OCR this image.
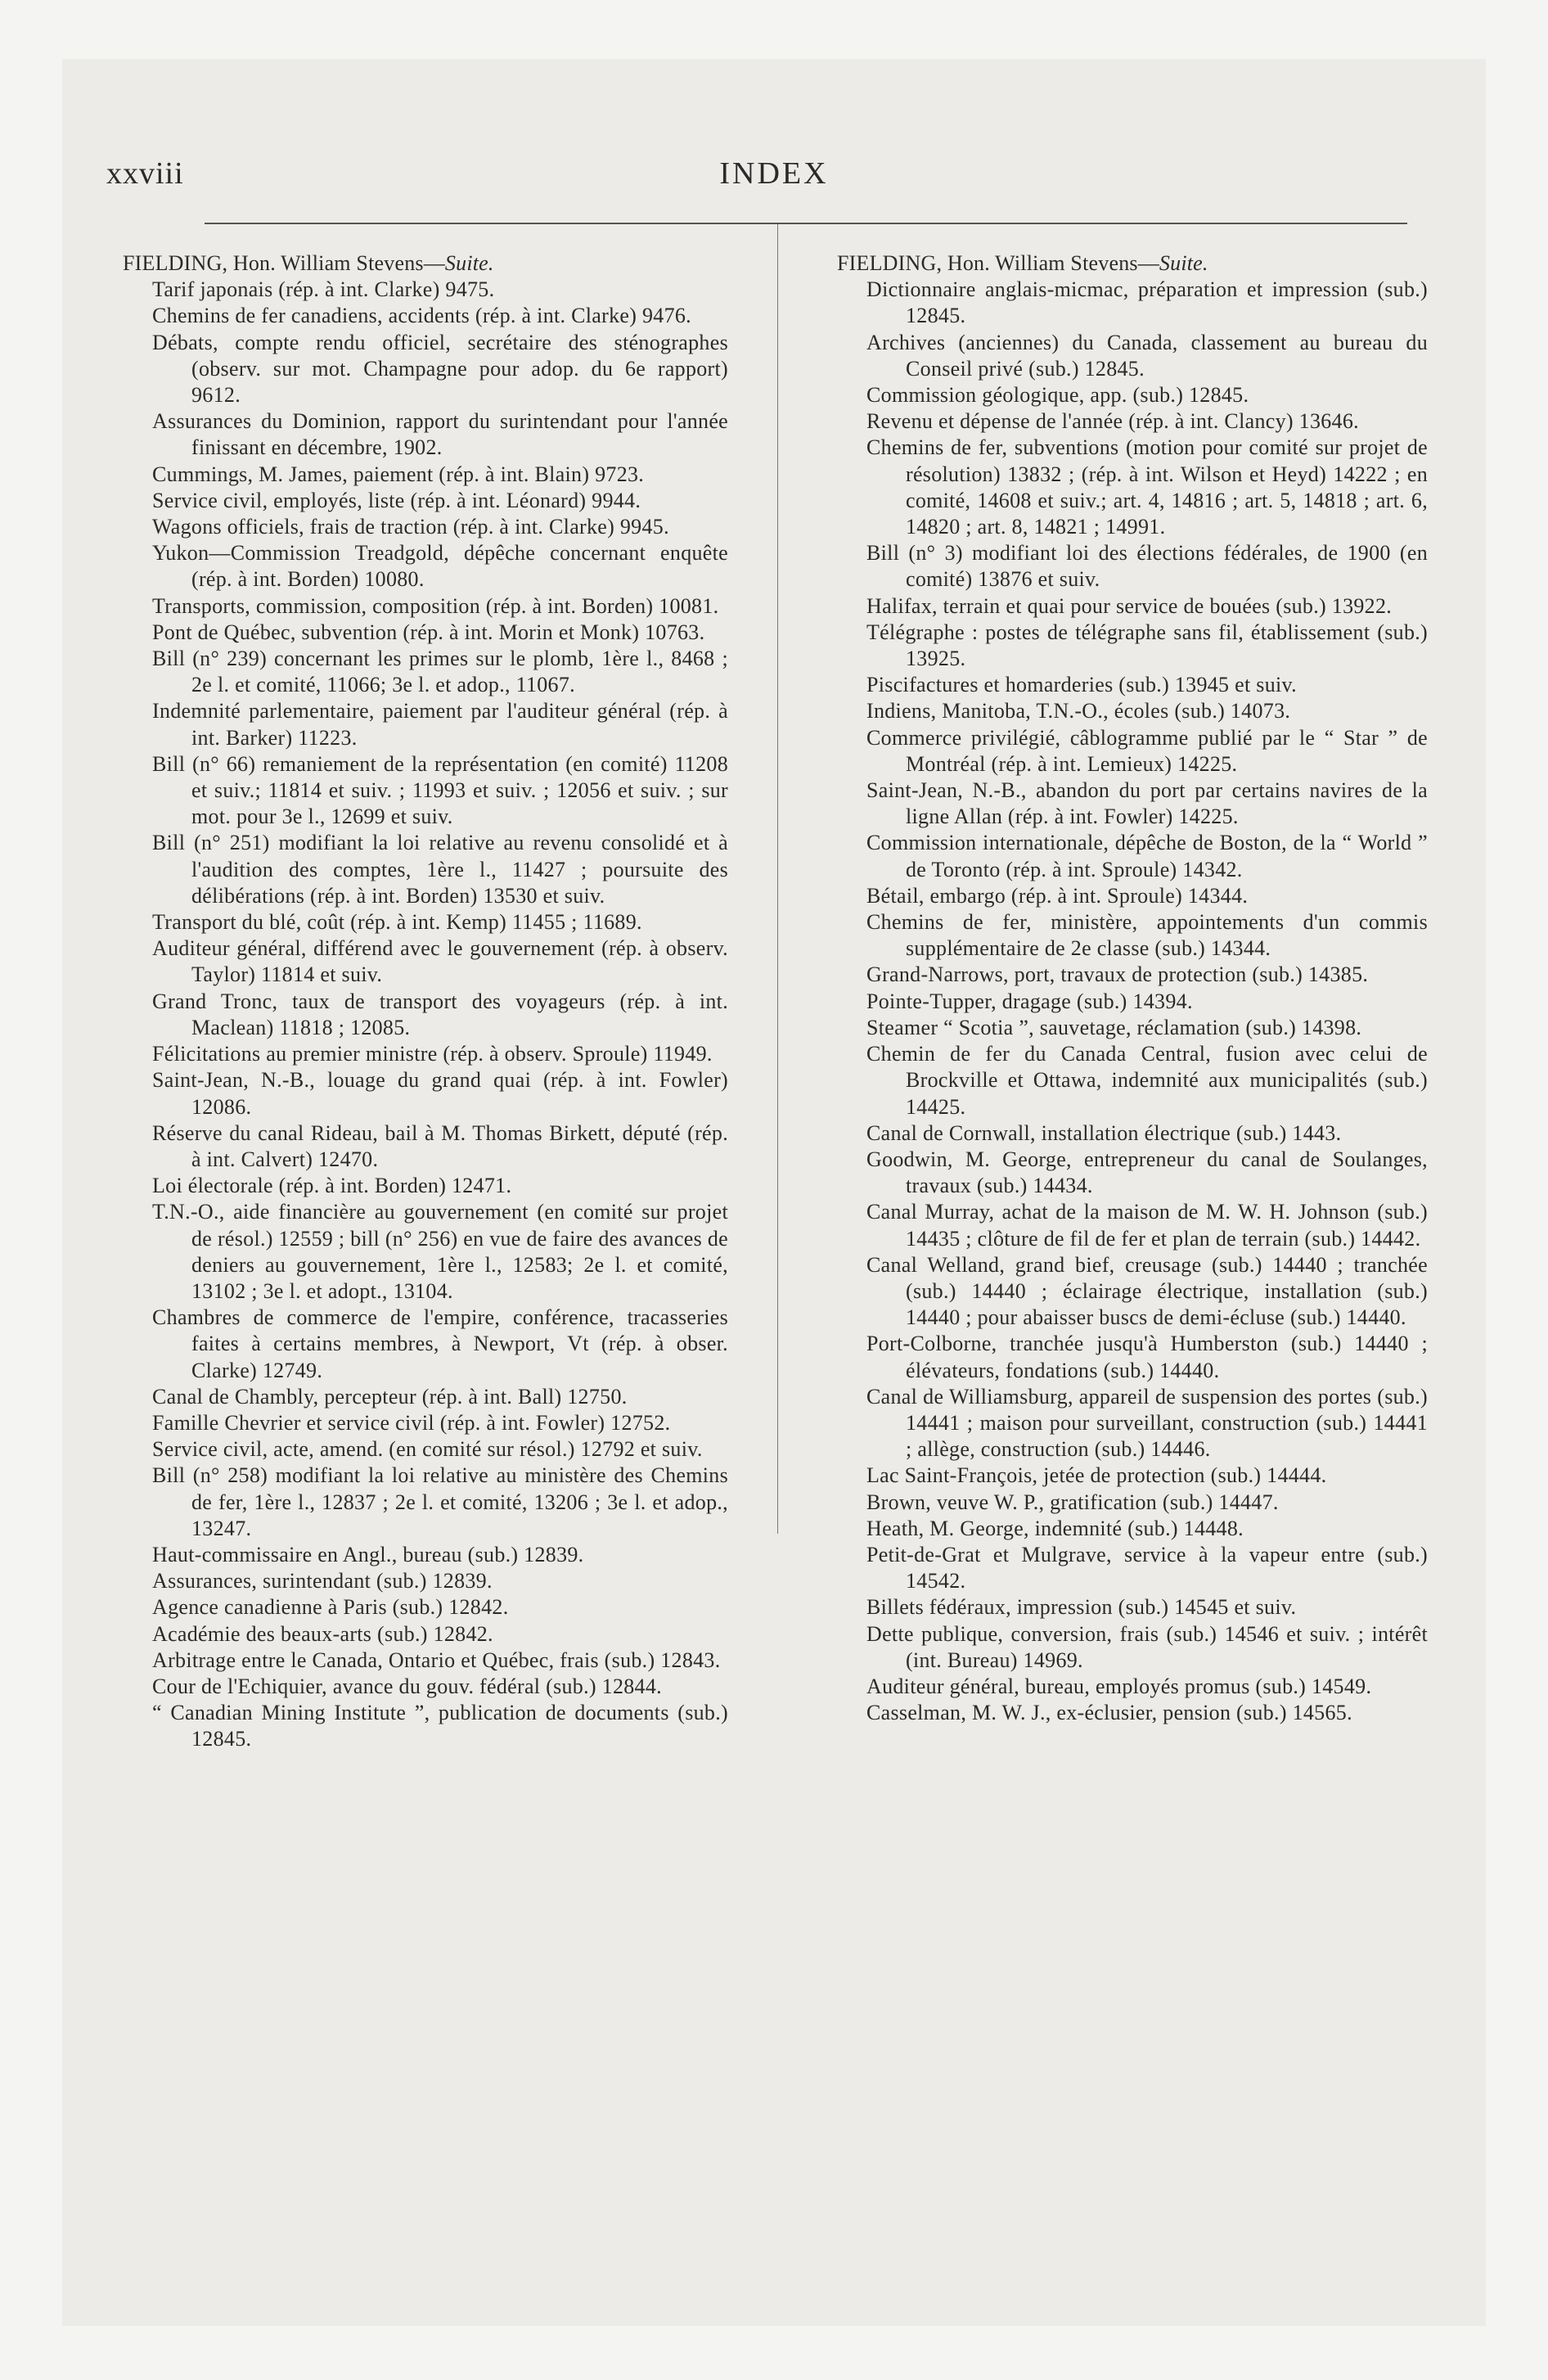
xxviii	INDEX

FIELDING, Hon. William Stevens—Suite.

Tarif japonais (rép. à int. Clarke) 9475.

Chemins de fer canadiens, accidents (rép. à int. Clarke) 9476.

Débats, compte rendu officiel, secrétaire des sténographes (observ. sur mot. Champagne pour adop. du 6e rapport) 9612.

Assurances du Dominion, rapport du surintendant pour l'année finissant en décembre, 1902.

Cummings, M. James, paiement (rép. à int. Blain) 9723.

Service civil, employés, liste (rép. à int. Léonard) 9944.

Wagons officiels, frais de traction (rép. à int. Clarke) 9945.

Yukon—Commission Treadgold, dépêche concernant enquête (rép. à int. Borden) 10080.

Transports, commission, composition (rép. à int. Borden) 10081.

Pont de Québec, subvention (rép. à int. Morin et Monk) 10763.

Bill (n° 239) concernant les primes sur le plomb, 1ère l., 8468 ; 2e l. et comité, 11066; 3e l. et adop., 11067.

Indemnité parlementaire, paiement par l'auditeur général (rép. à int. Barker) 11223.

Bill (n° 66) remaniement de la représentation (en comité) 11208 et suiv.; 11814 et suiv. ; 11993 et suiv. ; 12056 et suiv. ; sur mot. pour 3e l., 12699 et suiv.

Bill (n° 251) modifiant la loi relative au revenu consolidé et à l'audition des comptes, 1ère l., 11427 ; poursuite des délibérations (rép. à int. Borden) 13530 et suiv.

Transport du blé, coût (rép. à int. Kemp) 11455 ; 11689.

Auditeur général, différend avec le gouvernement (rép. à observ. Taylor) 11814 et suiv.

Grand Tronc, taux de transport des voyageurs (rép. à int. Maclean) 11818 ; 12085.

Félicitations au premier ministre (rép. à observ. Sproule) 11949.

Saint-Jean, N.-B., louage du grand quai (rép. à int. Fowler) 12086.

Réserve du canal Rideau, bail à M. Thomas Birkett, député (rép. à int. Calvert) 12470.

Loi électorale (rép. à int. Borden) 12471.

T.N.-O., aide financière au gouvernement (en comité sur projet de résol.) 12559 ; bill (n° 256) en vue de faire des avances de deniers au gouvernement, 1ère l., 12583; 2e l. et comité, 13102 ; 3e l. et adopt., 13104.

Chambres de commerce de l'empire, conférence, tracasseries faites à certains membres, à Newport, Vt (rép. à obser. Clarke) 12749.

Canal de Chambly, percepteur (rép. à int. Ball) 12750.

Famille Chevrier et service civil (rép. à int. Fowler) 12752.

Service civil, acte, amend. (en comité sur résol.) 12792 et suiv.

Bill (n° 258) modifiant la loi relative au ministère des Chemins de fer, 1ère l., 12837 ; 2e l. et comité, 13206 ; 3e l. et adop., 13247.

Haut-commissaire en Angl., bureau (sub.) 12839.

Assurances, surintendant (sub.) 12839.

Agence canadienne à Paris (sub.) 12842.

Académie des beaux-arts (sub.) 12842.

Arbitrage entre le Canada, Ontario et Québec, frais (sub.) 12843.

Cour de l'Echiquier, avance du gouv. fédéral (sub.) 12844.

“ Canadian Mining Institute ”, publication de documents (sub.) 12845.

FIELDING, Hon. William Stevens—Suite.

Dictionnaire anglais-micmac, préparation et impression (sub.) 12845.

Archives (anciennes) du Canada, classement au bureau du Conseil privé (sub.) 12845.

Commission géologique, app. (sub.) 12845.

Revenu et dépense de l'année (rép. à int. Clancy) 13646.

Chemins de fer, subventions (motion pour comité sur projet de résolution) 13832 ; (rép. à int. Wilson et Heyd) 14222 ; en comité, 14608 et suiv.; art. 4, 14816 ; art. 5, 14818 ; art. 6, 14820 ; art. 8, 14821 ; 14991.

Bill (n° 3) modifiant loi des élections fédérales, de 1900 (en comité) 13876 et suiv.

Halifax, terrain et quai pour service de bouées (sub.) 13922.

Télégraphe : postes de télégraphe sans fil, établissement (sub.) 13925.

Piscifactures et homarderies (sub.) 13945 et suiv.

Indiens, Manitoba, T.N.-O., écoles (sub.) 14073.

Commerce privilégié, câblogramme publié par le “ Star ” de Montréal (rép. à int. Lemieux) 14225.

Saint-Jean, N.-B., abandon du port par certains navires de la ligne Allan (rép. à int. Fowler) 14225.

Commission internationale, dépêche de Boston, de la “ World ” de Toronto (rép. à int. Sproule) 14342.

Bétail, embargo (rép. à int. Sproule) 14344.

Chemins de fer, ministère, appointements d'un commis supplémentaire de 2e classe (sub.) 14344.

Grand-Narrows, port, travaux de protection (sub.) 14385.

Pointe-Tupper, dragage (sub.) 14394.

Steamer “ Scotia ”, sauvetage, réclamation (sub.) 14398.

Chemin de fer du Canada Central, fusion avec celui de Brockville et Ottawa, indemnité aux municipalités (sub.) 14425.

Canal de Cornwall, installation électrique (sub.) 1443.

Goodwin, M. George, entrepreneur du canal de Soulanges, travaux (sub.) 14434.

Canal Murray, achat de la maison de M. W. H. Johnson (sub.) 14435 ; clôture de fil de fer et plan de terrain (sub.) 14442.

Canal Welland, grand bief, creusage (sub.) 14440 ; tranchée (sub.) 14440 ; éclairage électrique, installation (sub.) 14440 ; pour abaisser buscs de demi-écluse (sub.) 14440.

Port-Colborne, tranchée jusqu'à Humberston (sub.) 14440 ; élévateurs, fondations (sub.) 14440.

Canal de Williamsburg, appareil de suspension des portes (sub.) 14441 ; maison pour surveillant, construction (sub.) 14441 ; allège, construction (sub.) 14446.

Lac Saint-François, jetée de protection (sub.) 14444.

Brown, veuve W. P., gratification (sub.) 14447.

Heath, M. George, indemnité (sub.) 14448.

Petit-de-Grat et Mulgrave, service à la vapeur entre (sub.) 14542.

Billets fédéraux, impression (sub.) 14545 et suiv.

Dette publique, conversion, frais (sub.) 14546 et suiv. ; intérêt (int. Bureau) 14969.

Auditeur général, bureau, employés promus (sub.) 14549.

Casselman, M. W. J., ex-éclusier, pension (sub.) 14565.
